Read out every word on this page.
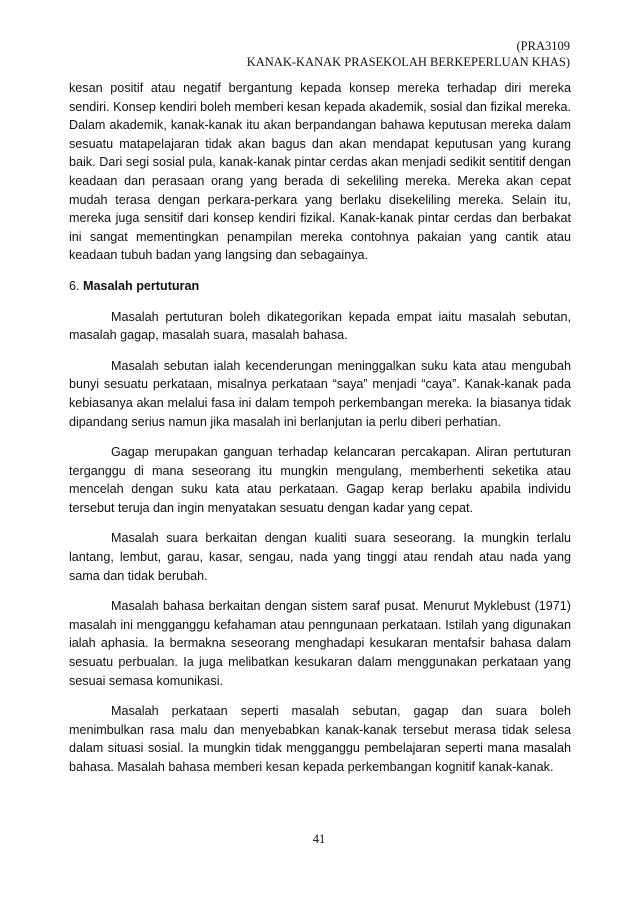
(PRA3109
KANAK-KANAK PRASEKOLAH BERKEPERLUAN KHAS)

kesan positif atau negatif bergantung kepada konsep mereka terhadap diri mereka sendiri. Konsep kendiri boleh memberi kesan kepada akademik, sosial dan fizikal mereka. Dalam akademik, kanak-kanak itu akan berpandangan bahawa keputusan mereka dalam sesuatu matapelajaran tidak akan bagus dan akan mendapat keputusan yang kurang baik. Dari segi sosial pula, kanak-kanak pintar cerdas akan menjadi sedikit sentitif dengan keadaan dan perasaan orang yang berada di sekeliling mereka. Mereka akan cepat mudah terasa dengan perkara-perkara yang berlaku disekeliling mereka. Selain itu, mereka juga sensitif dari konsep kendiri fizikal. Kanak-kanak pintar cerdas dan berbakat ini sangat mementingkan penampilan mereka contohnya pakaian yang cantik atau keadaan tubuh badan yang langsing dan sebagainya.

6. Masalah pertuturan

Masalah pertuturan boleh dikategorikan kepada empat iaitu masalah sebutan, masalah gagap, masalah suara, masalah bahasa.

Masalah sebutan ialah kecenderungan meninggalkan suku kata atau mengubah bunyi sesuatu perkataan, misalnya perkataan “saya” menjadi “caya”. Kanak-kanak pada kebiasanya akan melalui fasa ini dalam tempoh perkembangan mereka. Ia biasanya tidak dipandang serius namun jika masalah ini berlanjutan ia perlu diberi perhatian.

Gagap merupakan ganguan terhadap kelancaran percakapan. Aliran pertuturan terganggu di mana seseorang itu mungkin mengulang, memberhenti seketika atau mencelah dengan suku kata atau perkataan. Gagap kerap berlaku apabila individu tersebut teruja dan ingin menyatakan sesuatu dengan kadar yang cepat.

Masalah suara berkaitan dengan kualiti suara seseorang. Ia mungkin terlalu lantang, lembut, garau, kasar, sengau, nada yang tinggi atau rendah atau nada yang sama dan tidak berubah.

Masalah bahasa berkaitan dengan sistem saraf pusat. Menurut Myklebust (1971) masalah ini mengganggu kefahaman atau penngunaan perkataan. Istilah yang digunakan ialah aphasia. Ia bermakna seseorang menghadapi kesukaran mentafsir bahasa dalam sesuatu perbualan. Ia juga melibatkan kesukaran dalam menggunakan perkataan yang sesuai semasa komunikasi.

Masalah perkataan seperti masalah sebutan, gagap dan suara boleh menimbulkan rasa malu dan menyebabkan kanak-kanak tersebut merasa tidak selesa dalam situasi sosial. Ia mungkin tidak mengganggu pembelajaran seperti mana masalah bahasa. Masalah bahasa memberi kesan kepada perkembangan kognitif kanak-kanak.

41
